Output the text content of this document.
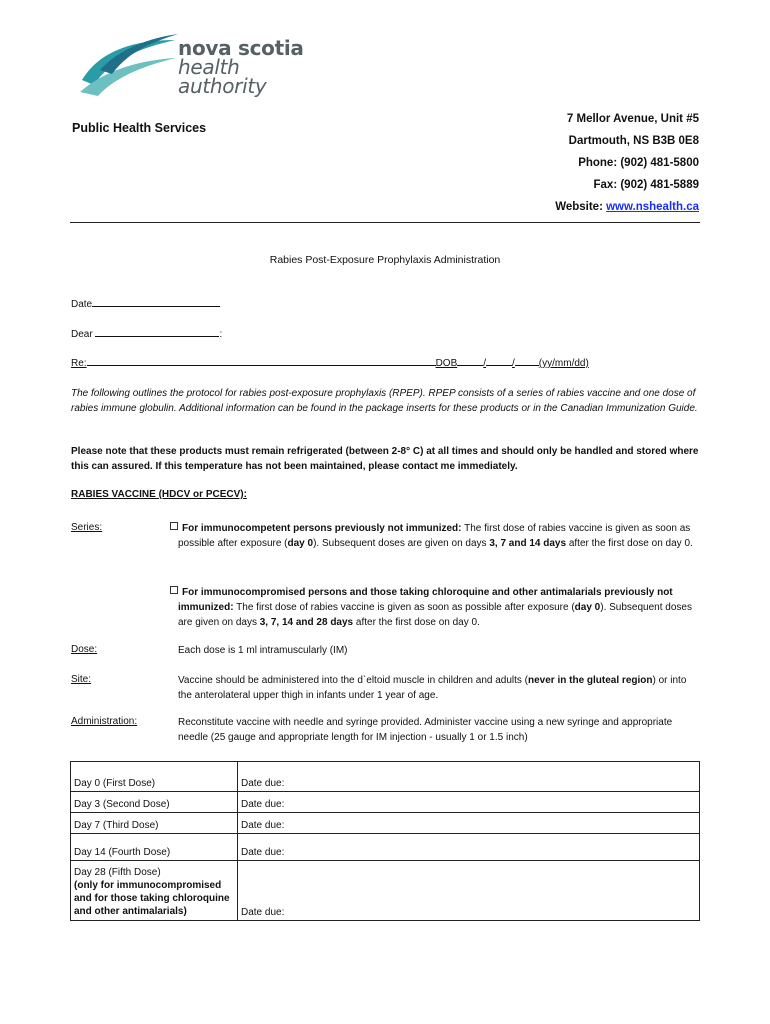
nova scotia
health authority
Public Health Services
7 Mellor Avenue, Unit #5
Dartmouth, NS B3B 0E8
Phone: (902) 481-5800
Fax: (902) 481-5889
Website: www.nshealth.ca
Rabies Post-Exposure Prophylaxis Administration
Date
Dear	:
Re:	DOB	/	/ (yy/mm/dd)
The following outlines the protocol for rabies post-exposure prophylaxis (RPEP). RPEP consists of a series of rabies vaccine and one dose of rabies immune globulin. Additional information can be found in the package inserts for these products or in the Canadian Immunization Guide.
Please note that these products must remain refrigerated (between 2-8° C) at all times and should only be handled and stored where this can assured. If this temperature has not been maintained, please contact me immediately.
RABIES VACCINE (HDCV or PCECV):
Series:	For immunocompetent persons previously not immunized: The first dose of rabies vaccine is given as soon as possible after exposure (day 0). Subsequent doses are given on days 3, 7 and 14 days after the first dose on day 0.
For immunocompromised persons and those taking chloroquine and other antimalarials previously not immunized: The first dose of rabies vaccine is given as soon as possible after exposure (day 0). Subsequent doses are given on days 3, 7, 14 and 28 days after the first dose on day 0.
Dose:	Each dose is 1 ml intramuscularly (IM)
Site:	Vaccine should be administered into the d`eltoid muscle in children and adults (never in the gluteal region) or into the anterolateral upper thigh in infants under 1 year of age.
Administration:	Reconstitute vaccine with needle and syringe provided. Administer vaccine using a new syringe and appropriate needle (25 gauge and appropriate length for IM injection - usually 1 or 1.5 inch)
Day 0 (First Dose)	Date due:
Day 3 (Second Dose)	Date due:
Day 7 (Third Dose)	Date due:
Day 14 (Fourth Dose)	Date due:

Day 28 (Fifth Dose)
(only for immunocompromised and for those taking chloroquine and other antimalarials)	Date due:
